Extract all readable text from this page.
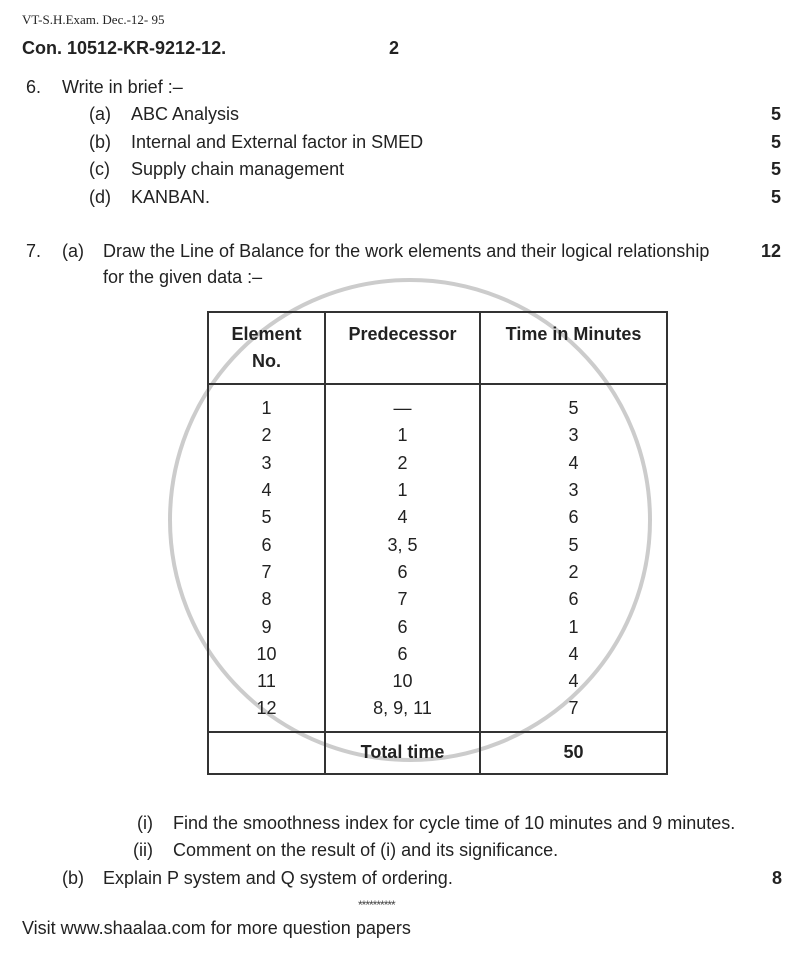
VT-S.H.Exam. Dec.-12- 95
Con. 10512-KR-9212-12.	2
6. Write in brief :–
(a) ABC Analysis	5
(b) Internal and External factor in SMED	5
(c) Supply chain management	5
(d) KANBAN.	5
7. (a) Draw the Line of Balance for the work elements and their logical relationship	12
for the given data :–
Element
No.	Predecessor	Time in Minutes
1	—	5
2	1	3
3	2	4
4	1	3
5	4	6
6	3, 5	5
7	6	2
8	7	6
9	6	1
10	6	4
11	10	4
12	8, 9, 11	7
	Total time	50
(i) Find the smoothness index for cycle time of 10 minutes and 9 minutes.
(ii) Comment on the result of (i) and its significance.
(b) Explain P system and Q system of ordering.	8
**********
Visit www.shaalaa.com for more question papers
